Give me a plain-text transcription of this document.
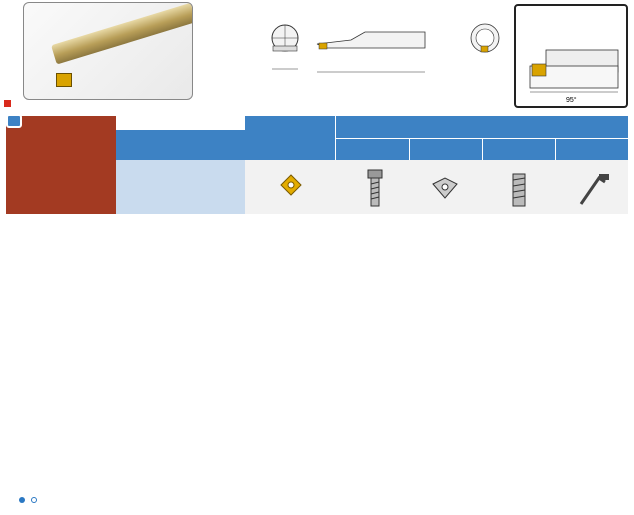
95°
